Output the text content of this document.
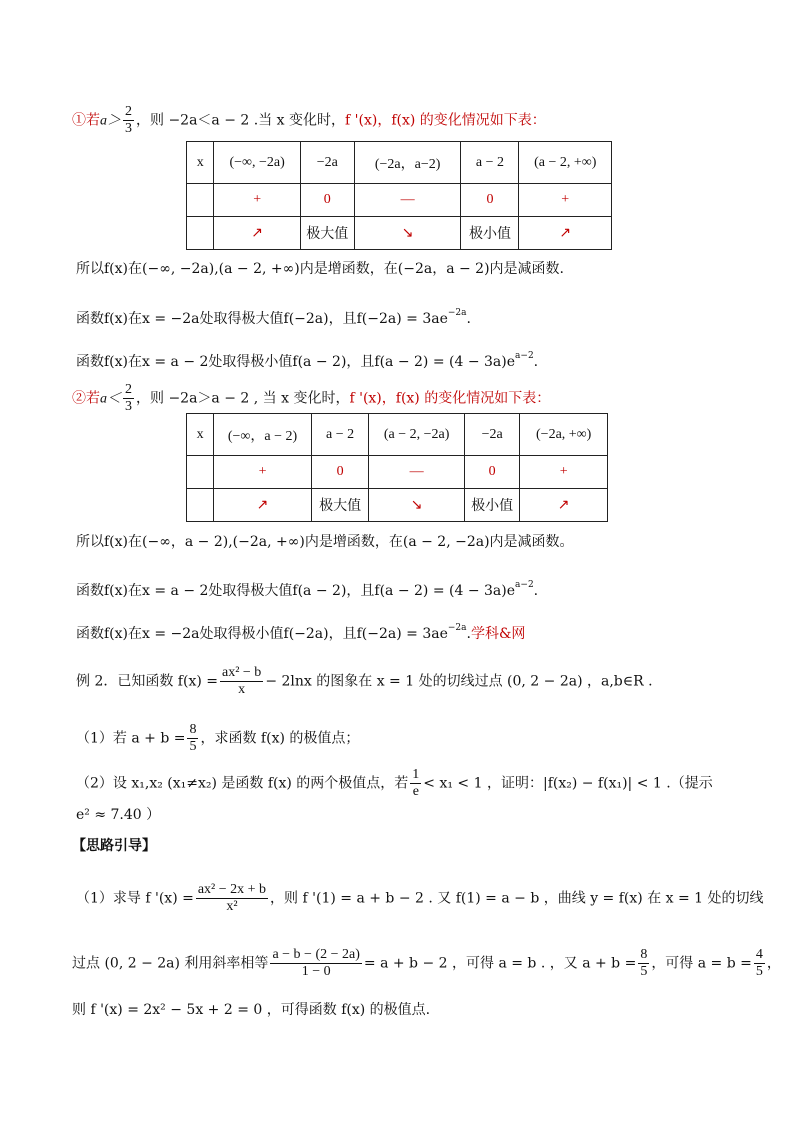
①若$a> \frac{2}{3}$ ，则 −2a＜a − 2 .当 x 变化时，f '(x)，f(x) 的变化情况如下表：
x	(−∞, −2a)	−2a	(−2a，a−2)	a − 2	(a − 2, +∞)
	+	0	—	0	+
	↗	极大值	↘	极小值	↗
所以f(x)在(−∞, −2a),(a − 2, +∞)内是增函数，在(−2a，a − 2)内是减函数.
函数f(x)在x = −2a处取得极大值f(−2a)，且$f(-2a) = 3ae^{-2a}$.
函数f(x)在x = a − 2处取得极小值f(a − 2)，且$f(a - 2) = (4 - 3a)e^{a-2}$.
②若$a< \frac{2}{3}$ ，则 −2a＞a − 2 , 当 x 变化时，f '(x)，f(x) 的变化情况如下表：
x	(−∞，a − 2)	a − 2	(a − 2, −2a)	−2a	(−2a, +∞)
	+	0	—	0	+
	↗	极大值	↘	极小值	↗
所以f(x)在(−∞，a − 2),(−2a, +∞)内是增函数，在(a − 2, −2a)内是减函数。
函数f(x)在x = a − 2处取得极大值f(a − 2)，且$f(a - 2) = (4 - 3a)e^{a-2}$.
函数f(x)在x = −2a处取得极小值f(−2a)，且$f(-2a) = 3ae^{-2a}$.学科&网
例 2．已知函数 $f(x) = \frac{\text{ax² − b}}{x} - 2\ln x$ 的图象在 x = 1 处的切线过点 (0, 2 − 2a) ，a,b∈R .
（1）若 $a + b = \frac{8}{5}$ ，求函数 f(x) 的极值点；
（2）设 x₁,x₂ (x₁≠x₂) 是函数 f(x) 的两个极值点，若 $\frac{1}{e} < x_1 < 1$ ，证明：|f(x₂) − f(x₁)| < 1 .（提示
e² ≈ 7.40 ）
【思路引导】
（1）求导 f '$(x) = \frac{\text{ax² − 2x + b}}{\text{x²}}$ ，则 f '(1) = a + b − 2 . 又 f(1) = a − b ，曲线 y = f(x) 在 x = 1 处的切线
过点 (0, 2 − 2a) 利用斜率相等 $\frac{a - b - (2 - 2a)}{1 - 0} = a + b - 2$ ，可得 a = b . ，又 $a + b = \frac{8}{5}$ ，可得 $a = b = \frac{4}{5}$ ，
则 f '(x) = 2x² − 5x + 2 = 0 ，可得函数 f(x) 的极值点.
